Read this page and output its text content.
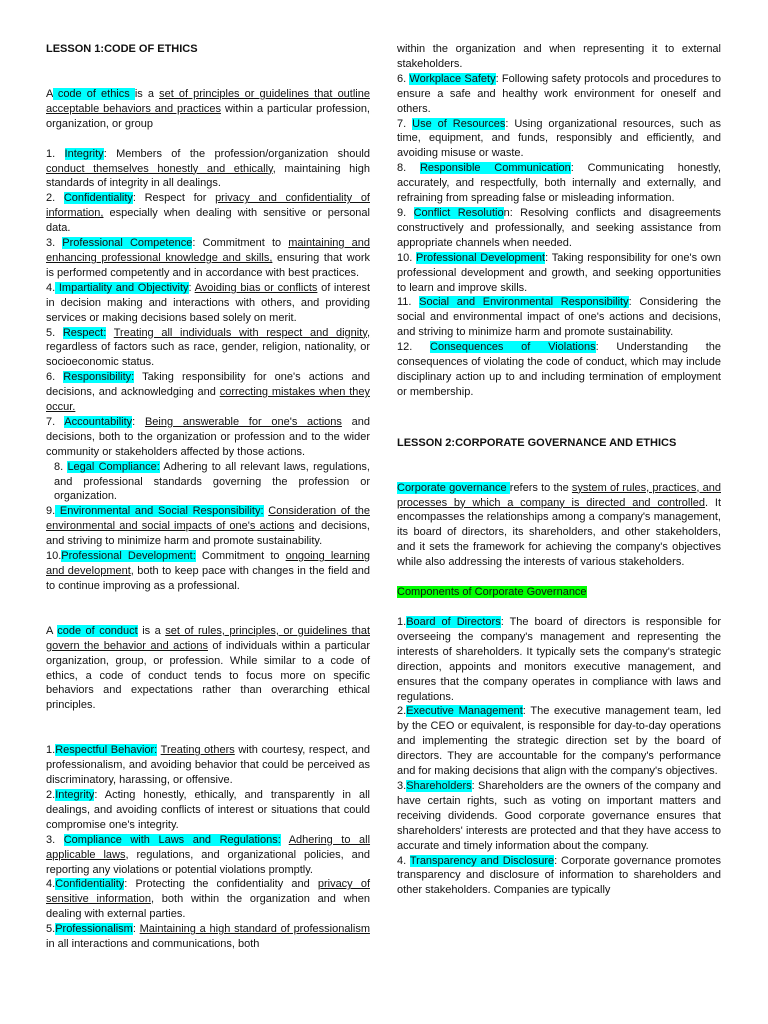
LESSON 1:CODE OF ETHICS

A code of ethics is a set of principles or guidelines that outline acceptable behaviors and practices within a particular profession, organization, or group

1. Integrity: Members of the profession/organization should conduct themselves honestly and ethically, maintaining high standards of integrity in all dealings.

2. Confidentiality: Respect for privacy and confidentiality of information, especially when dealing with sensitive or personal data.

3. Professional Competence: Commitment to maintaining and enhancing professional knowledge and skills, ensuring that work is performed competently and in accordance with best practices.

4. Impartiality and Objectivity: Avoiding bias or conflicts of interest in decision making and interactions with others, and providing services or making decisions based solely on merit.

5. Respect: Treating all individuals with respect and dignity, regardless of factors such as race, gender, religion, nationality, or socioeconomic status.

6. Responsibility: Taking responsibility for one's actions and decisions, and acknowledging and correcting mistakes when they occur.

7. Accountability: Being answerable for one's actions and decisions, both to the organization or profession and to the wider community or stakeholders affected by those actions.

8. Legal Compliance: Adhering to all relevant laws, regulations, and professional standards governing the profession or organization.

9. Environmental and Social Responsibility: Consideration of the environmental and social impacts of one's actions and decisions, and striving to minimize harm and promote sustainability.

10.Professional Development: Commitment to ongoing learning and development, both to keep pace with changes in the field and to continue improving as a professional.

A code of conduct is a set of rules, principles, or guidelines that govern the behavior and actions of individuals within a particular organization, group, or profession. While similar to a code of ethics, a code of conduct tends to focus more on specific behaviors and expectations rather than overarching ethical principles.

1.Respectful Behavior: Treating others with courtesy, respect, and professionalism, and avoiding behavior that could be perceived as discriminatory, harassing, or offensive.

2.Integrity: Acting honestly, ethically, and transparently in all dealings, and avoiding conflicts of interest or situations that could compromise one's integrity.

3. Compliance with Laws and Regulations: Adhering to all applicable laws, regulations, and organizational policies, and reporting any violations or potential violations promptly.

4.Confidentiality: Protecting the confidentiality and privacy of sensitive information, both within the organization and when dealing with external parties.

5.Professionalism: Maintaining a high standard of professionalism in all interactions and communications, both

within the organization and when representing it to external stakeholders.

6. Workplace Safety: Following safety protocols and procedures to ensure a safe and healthy work environment for oneself and others.

7. Use of Resources: Using organizational resources, such as time, equipment, and funds, responsibly and efficiently, and avoiding misuse or waste.

8. Responsible Communication: Communicating honestly, accurately, and respectfully, both internally and externally, and refraining from spreading false or misleading information.

9. Conflict Resolution: Resolving conflicts and disagreements constructively and professionally, and seeking assistance from appropriate channels when needed.

10. Professional Development: Taking responsibility for one's own professional development and growth, and seeking opportunities to learn and improve skills.

11. Social and Environmental Responsibility: Considering the social and environmental impact of one's actions and decisions, and striving to minimize harm and promote sustainability.

12. Consequences of Violations: Understanding the consequences of violating the code of conduct, which may include disciplinary action up to and including termination of employment or membership.

LESSON 2:CORPORATE GOVERNANCE AND ETHICS

Corporate governance refers to the system of rules, practices, and processes by which a company is directed and controlled. It encompasses the relationships among a company's management, its board of directors, its shareholders, and other stakeholders, and it sets the framework for achieving the company's objectives while also addressing the interests of various stakeholders.

Components of Corporate Governance

1.Board of Directors: The board of directors is responsible for overseeing the company's management and representing the interests of shareholders. It typically sets the company's strategic direction, appoints and monitors executive management, and ensures that the company operates in compliance with laws and regulations.

2.Executive Management: The executive management team, led by the CEO or equivalent, is responsible for day-to-day operations and implementing the strategic direction set by the board of directors. They are accountable for the company's performance and for making decisions that align with the company's objectives.

3.Shareholders: Shareholders are the owners of the company and have certain rights, such as voting on important matters and receiving dividends. Good corporate governance ensures that shareholders' interests are protected and that they have access to accurate and timely information about the company.

4. Transparency and Disclosure: Corporate governance promotes transparency and disclosure of information to shareholders and other stakeholders. Companies are typically
